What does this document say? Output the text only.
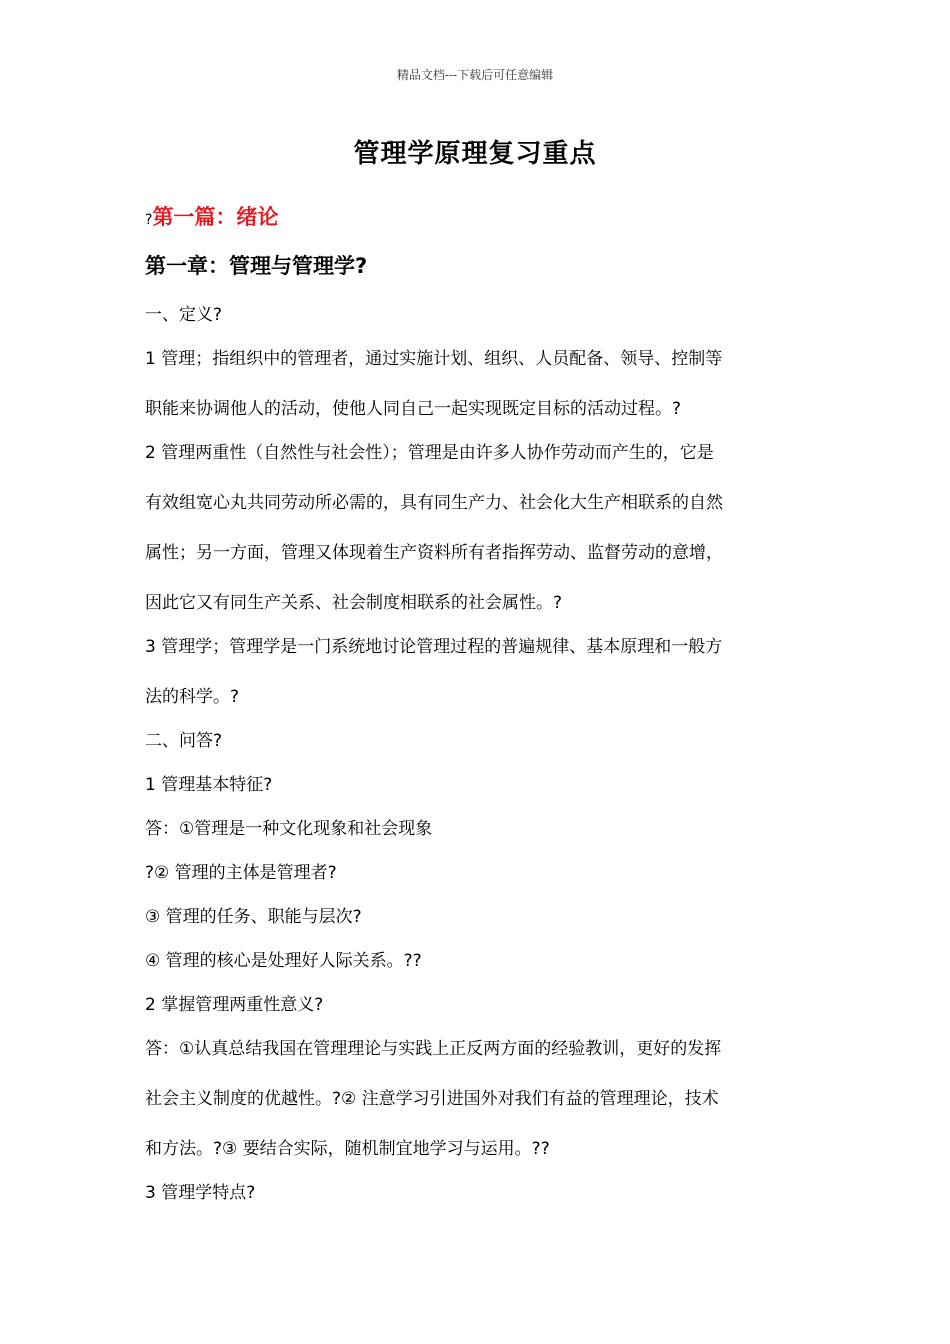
精品文档---下载后可任意编辑
管理学原理复习重点
?第一篇：绪论
第一章：管理与管理学?
一、定义?
1 管理；指组织中的管理者，通过实施计划、组织、人员配备、领导、控制等
职能来协调他人的活动，使他人同自己一起实现既定目标的活动过程。?
2 管理两重性（自然性与社会性）；管理是由许多人协作劳动而产生的，它是
有效组宽心丸共同劳动所必需的，具有同生产力、社会化大生产相联系的自然
属性；另一方面，管理又体现着生产资料所有者指挥劳动、监督劳动的意增，
因此它又有同生产关系、社会制度相联系的社会属性。?
3 管理学；管理学是一门系统地讨论管理过程的普遍规律、基本原理和一般方
法的科学。?
二、问答?
1 管理基本特征?
答：①管理是一种文化现象和社会现象
?② 管理的主体是管理者?
③ 管理的任务、职能与层次?
④ 管理的核心是处理好人际关系。??
2 掌握管理两重性意义?
答：①认真总结我国在管理理论与实践上正反两方面的经验教训，更好的发挥
社会主义制度的优越性。?② 注意学习引进国外对我们有益的管理理论，技术
和方法。?③ 要结合实际，随机制宜地学习与运用。??
3 管理学特点?
